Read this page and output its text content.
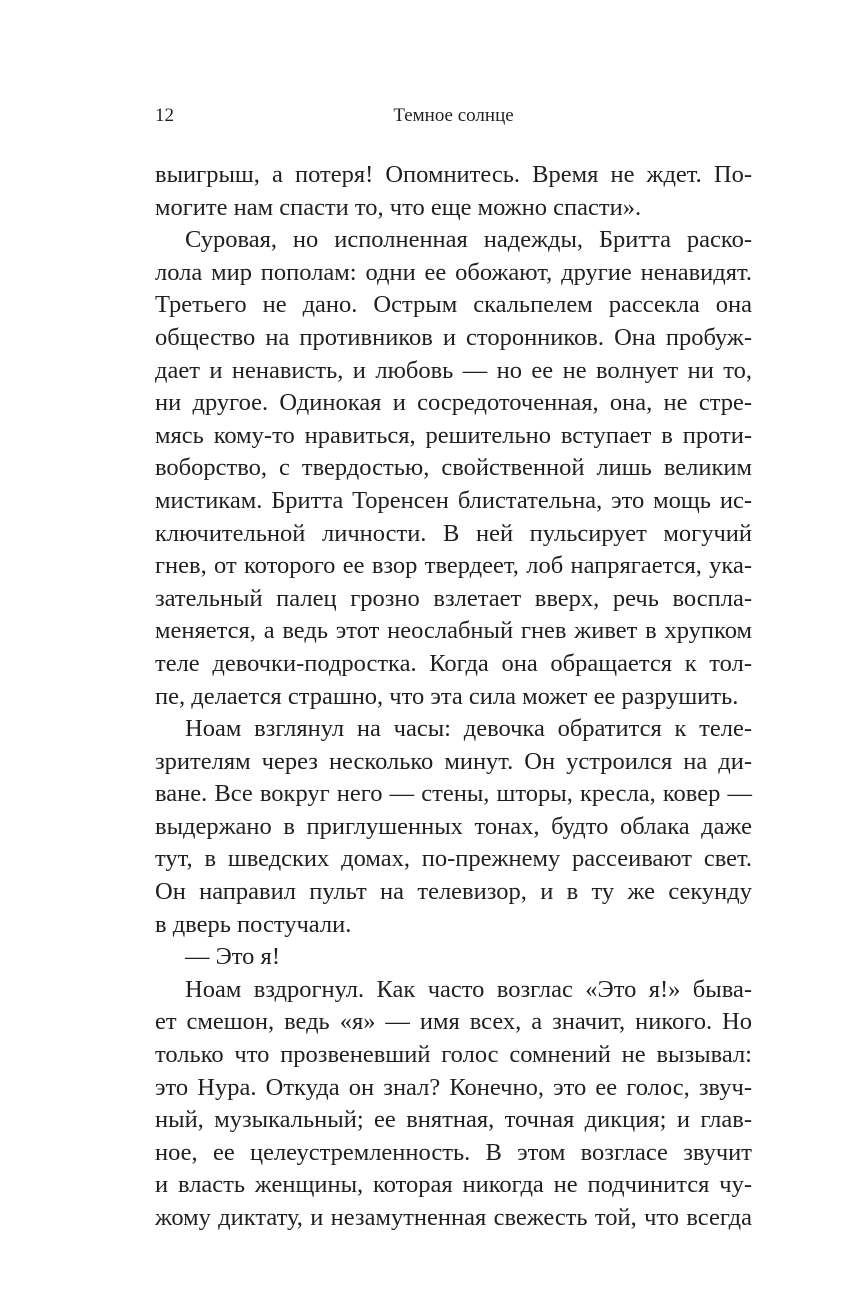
12	Темное солнце
выигрыш, а потеря! Опомнитесь. Время не ждет. По-
могите нам спасти то, что еще можно спасти».
Суровая, но исполненная надежды, Бритта раско-
лола мир пополам: одни ее обожают, другие ненавидят.
Третьего не дано. Острым скальпелем рассекла она
общество на противников и сторонников. Она пробуж-
дает и ненависть, и любовь — но ее не волнует ни то,
ни другое. Одинокая и сосредоточенная, она, не стре-
мясь кому-то нравиться, решительно вступает в проти-
воборство, с твердостью, свойственной лишь великим
мистикам. Бритта Торенсен блистательна, это мощь ис-
ключительной личности. В ней пульсирует могучий
гнев, от которого ее взор твердеет, лоб напрягается, ука-
зательный палец грозно взлетает вверх, речь воспла-
меняется, а ведь этот неослабный гнев живет в хрупком
теле девочки-подростка. Когда она обращается к тол-
пе, делается страшно, что эта сила может ее разрушить.
Ноам взглянул на часы: девочка обратится к теле-
зрителям через несколько минут. Он устроился на ди-
ване. Все вокруг него — стены, шторы, кресла, ковер —
выдержано в приглушенных тонах, будто облака даже
тут, в шведских домах, по-прежнему рассеивают свет.
Он направил пульт на телевизор, и в ту же секунду
в дверь постучали.
— Это я!
Ноам вздрогнул. Как часто возглас «Это я!» быва-
ет смешон, ведь «я» — имя всех, а значит, никого. Но
только что прозвеневший голос сомнений не вызывал:
это Нура. Откуда он знал? Конечно, это ее голос, звуч-
ный, музыкальный; ее внятная, точная дикция; и глав-
ное, ее целеустремленность. В этом возгласе звучит
и власть женщины, которая никогда не подчинится чу-
жому диктату, и незамутненная свежесть той, что всегда
